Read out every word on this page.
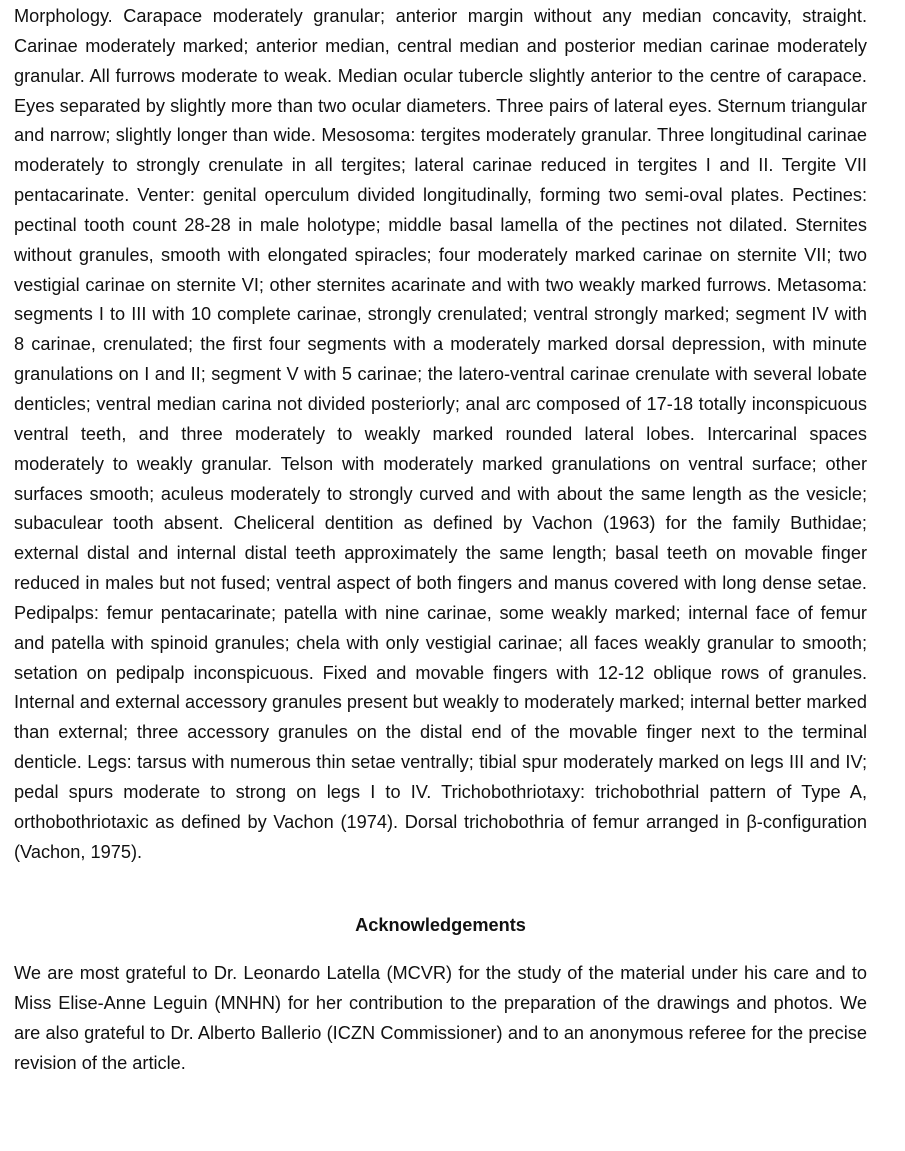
Morphology. Carapace moderately granular; anterior margin without any median concavity, straight. Carinae moderately marked; anterior median, central median and posterior median carinae moderately granular. All furrows moderate to weak. Median ocular tubercle slightly anterior to the centre of carapace. Eyes separated by slightly more than two ocular diameters. Three pairs of lateral eyes. Sternum triangular and narrow; slightly longer than wide. Mesosoma: tergites moderately granular. Three longitudinal carinae moderately to strongly crenulate in all tergites; lateral carinae reduced in tergites I and II. Tergite VII pentacarinate. Venter: genital operculum divided longitudinally, forming two semi-oval plates. Pectines: pectinal tooth count 28-28 in male holotype; middle basal lamella of the pectines not dilated. Sternites without granules, smooth with elongated spiracles; four moderately marked carinae on sternite VII; two vestigial carinae on sternite VI; other sternites acarinate and with two weakly marked furrows. Metasoma: segments I to III with 10 complete carinae, strongly crenulated; ventral strongly marked; segment IV with 8 carinae, crenulated; the first four segments with a moderately marked dorsal depression, with minute granulations on I and II; segment V with 5 carinae; the latero-ventral carinae crenulate with several lobate denticles; ventral median carina not divided posteriorly; anal arc composed of 17-18 totally inconspicuous ventral teeth, and three moderately to weakly marked rounded lateral lobes. Intercarinal spaces moderately to weakly granular. Telson with moderately marked granulations on ventral surface; other surfaces smooth; aculeus moderately to strongly curved and with about the same length as the vesicle; subaculear tooth absent. Cheliceral dentition as defined by Vachon (1963) for the family Buthidae; external distal and internal distal teeth approximately the same length; basal teeth on movable finger reduced in males but not fused; ventral aspect of both fingers and manus covered with long dense setae. Pedipalps: femur pentacarinate; patella with nine carinae, some weakly marked; internal face of femur and patella with spinoid granules; chela with only vestigial carinae; all faces weakly granular to smooth; setation on pedipalp inconspicuous. Fixed and movable fingers with 12-12 oblique rows of granules. Internal and external accessory granules present but weakly to moderately marked; internal better marked than external; three accessory granules on the distal end of the movable finger next to the terminal denticle. Legs: tarsus with numerous thin setae ventrally; tibial spur moderately marked on legs III and IV; pedal spurs moderate to strong on legs I to IV. Trichobothriotaxy: trichobothrial pattern of Type A, orthobothriotaxic as defined by Vachon (1974). Dorsal trichobothria of femur arranged in β-configuration (Vachon, 1975).

Acknowledgements

We are most grateful to Dr. Leonardo Latella (MCVR) for the study of the material under his care and to Miss Elise-Anne Leguin (MNHN) for her contribution to the preparation of the drawings and photos. We are also grateful to Dr. Alberto Ballerio (ICZN Commissioner) and to an anonymous referee for the precise revision of the article.
